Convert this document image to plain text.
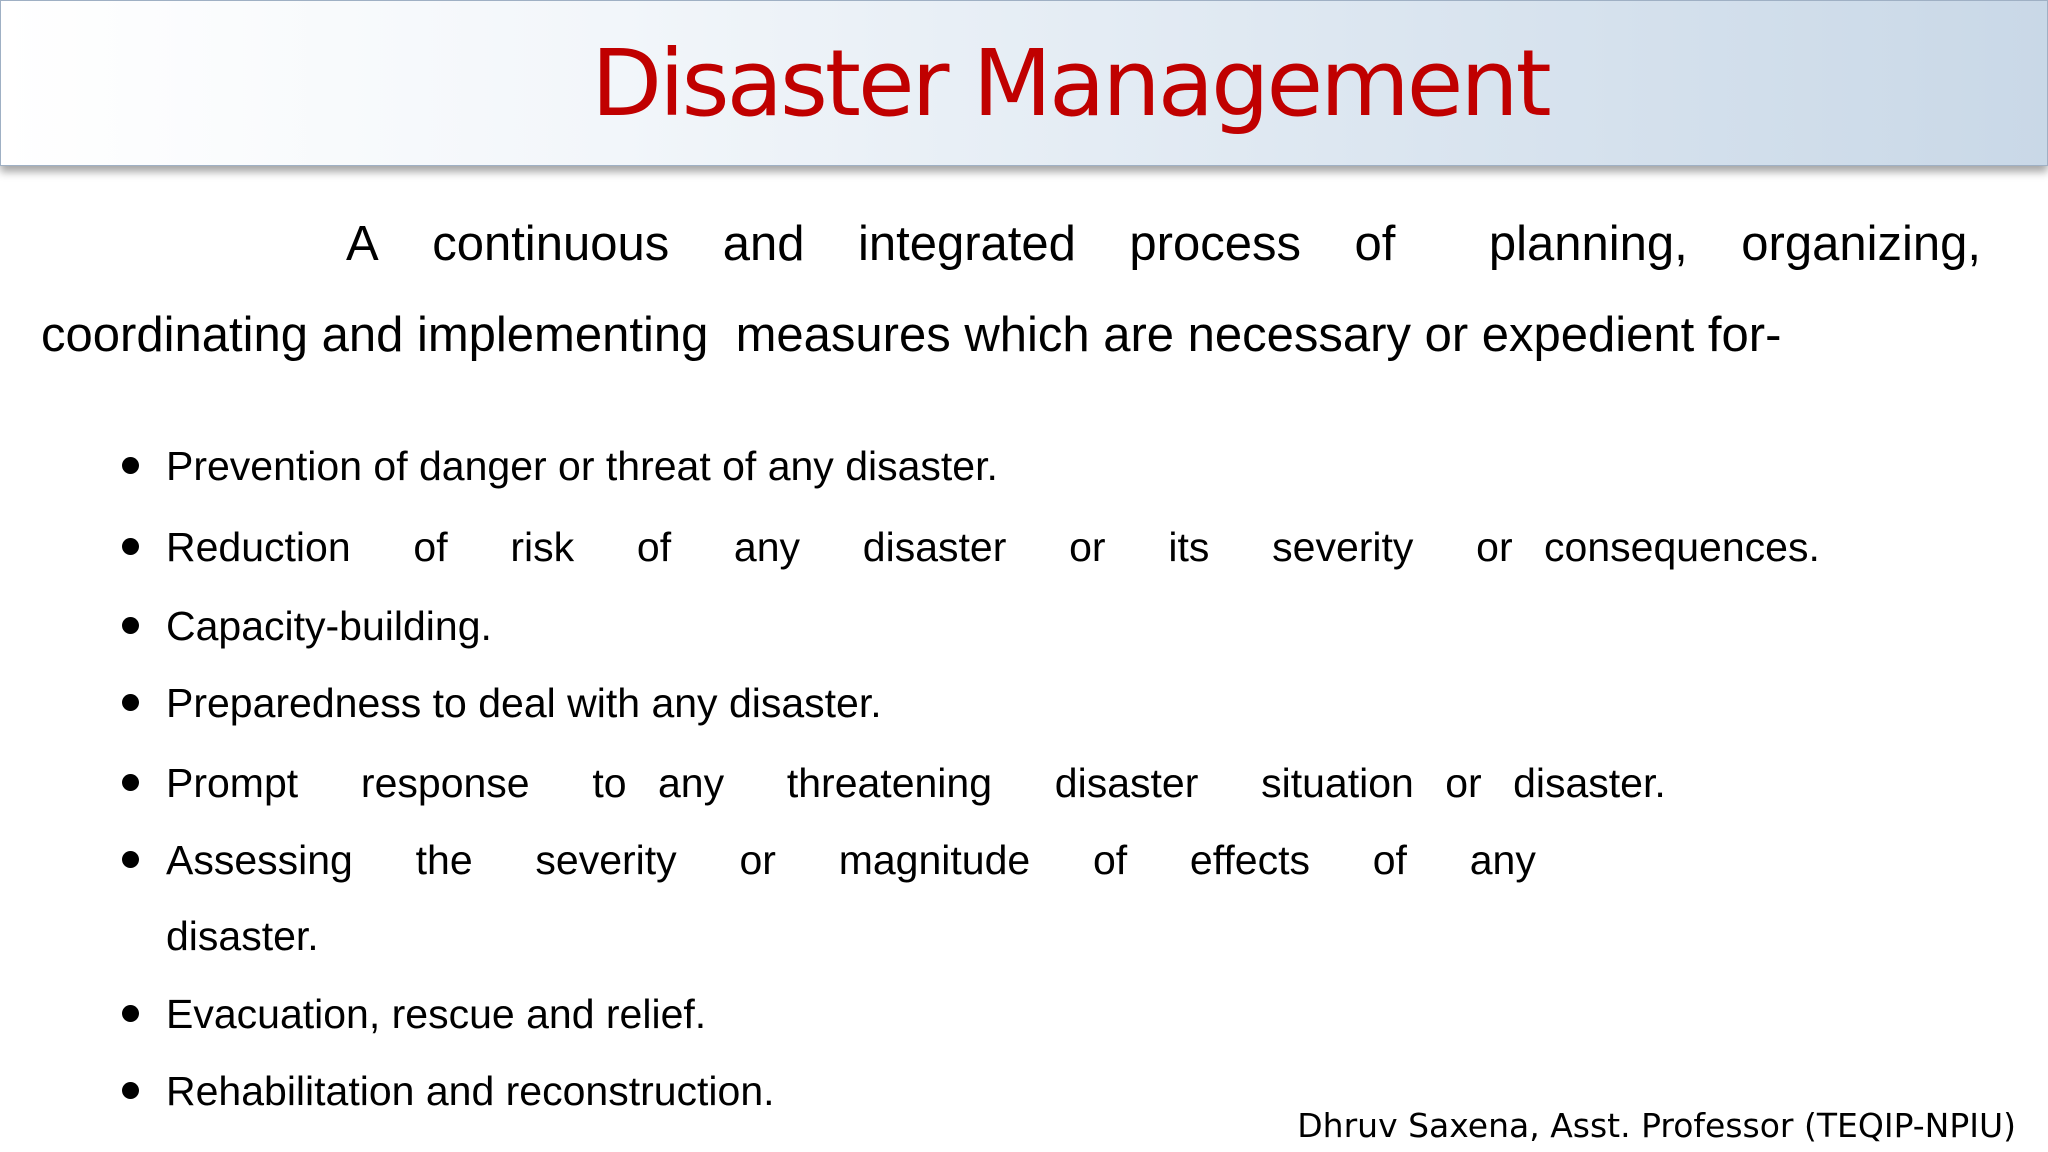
Disaster Management
A continuous and integrated process of planning, organizing,
coordinating and implementing  measures which are necessary or expedient for-
Prevention of danger or threat of any disaster.
Reduction  of  risk  of  any  disaster  or  its  severity  or consequences.
Capacity-building.
Preparedness to deal with any disaster.
Prompt  response  to any  threatening  disaster  situation or disaster.
Assessing  the  severity  or  magnitude  of  effects  of  any
Evacuation, rescue and relief.
Rehabilitation and reconstruction.
disaster.
Dhruv Saxena, Asst. Professor (TEQIP-NPIU)
